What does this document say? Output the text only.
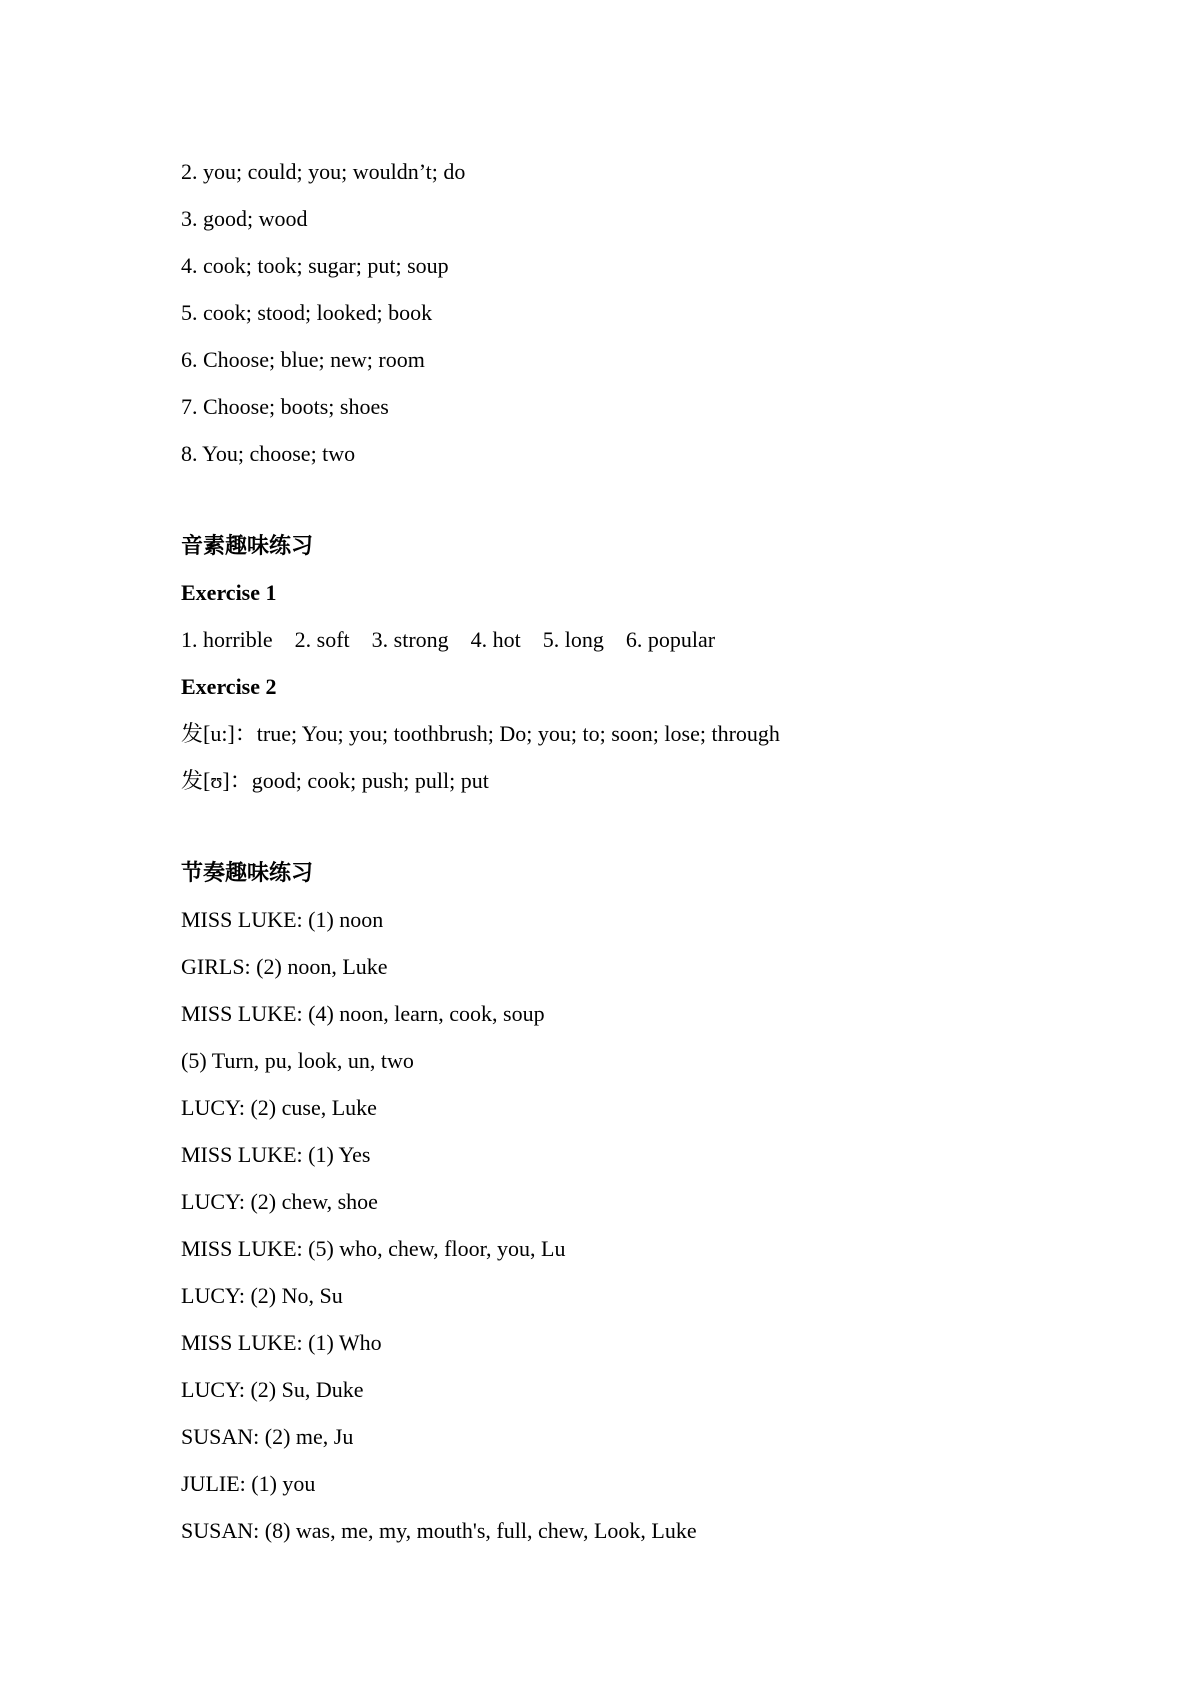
2. you; could; you; wouldn’t; do
3. good; wood
4. cook; took; sugar; put; soup
5. cook; stood; looked; book
6. Choose; blue; new; room
7. Choose; boots; shoes
8. You; choose; two
音素趣味练习
Exercise 1
1. horrible 2. soft 3. strong 4. hot 5. long 6. popular
Exercise 2
发[u:]：true; You; you; toothbrush; Do; you; to; soon; lose; through
发[ʊ]：good; cook; push; pull; put
节奏趣味练习
MISS LUKE: (1) noon
GIRLS: (2) noon, Luke
MISS LUKE: (4) noon, learn, cook, soup
(5) Turn, pu, look, un, two
LUCY: (2) cuse, Luke
MISS LUKE: (1) Yes
LUCY: (2) chew, shoe
MISS LUKE: (5) who, chew, floor, you, Lu
LUCY: (2) No, Su
MISS LUKE: (1) Who
LUCY: (2) Su, Duke
SUSAN: (2) me, Ju
JULIE: (1) you
SUSAN: (8) was, me, my, mouth's, full, chew, Look, Luke
